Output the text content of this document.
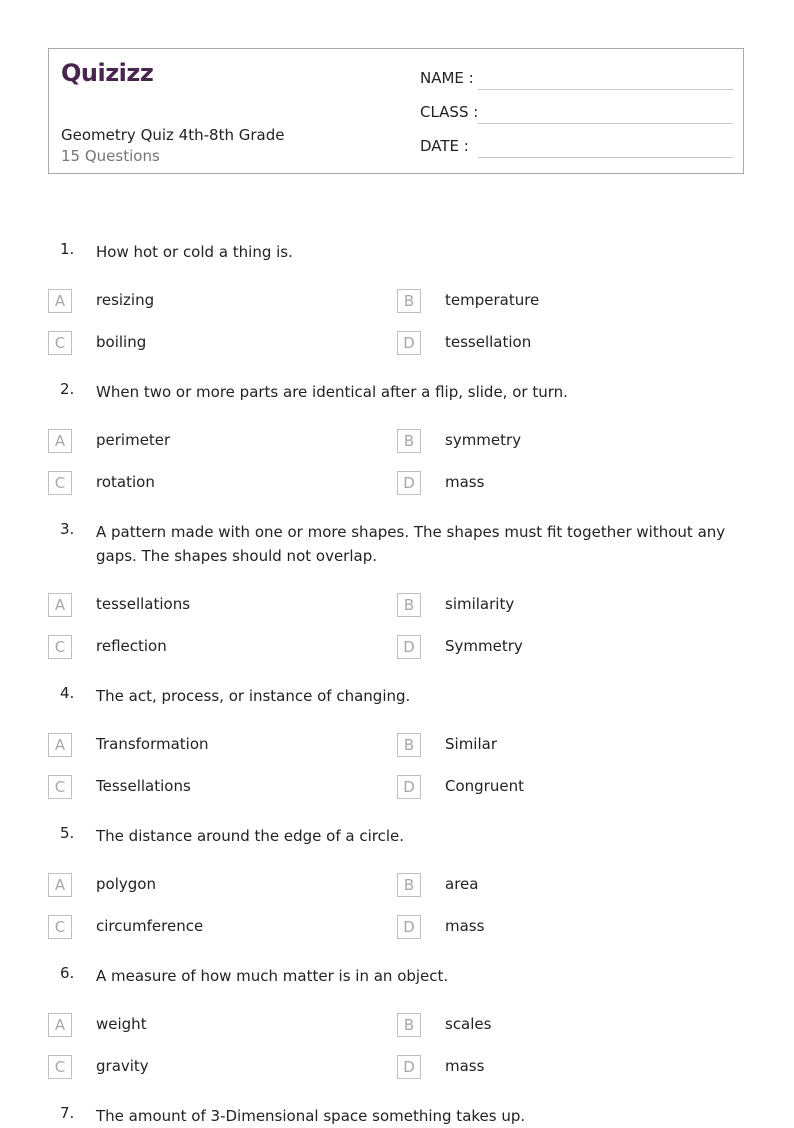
Quizizz
Geometry Quiz 4th-8th Grade
15 Questions
NAME :
CLASS :
DATE :
1. How hot or cold a thing is.
A	resizing	B	temperature
C	boiling	D	tessellation
2. When two or more parts are identical after a flip, slide, or turn.
A	perimeter	B	symmetry
C	rotation	D	mass
3. A pattern made with one or more shapes. The shapes must fit together without any gaps. The shapes should not overlap.
A	tessellations	B	similarity
C	reflection	D	Symmetry
4. The act, process, or instance of changing.
A	Transformation	B	Similar
C	Tessellations	D	Congruent
5. The distance around the edge of a circle.
A	polygon	B	area
C	circumference	D	mass
6. A measure of how much matter is in an object.
A	weight	B	scales
C	gravity	D	mass
7. The amount of 3-Dimensional space something takes up.
